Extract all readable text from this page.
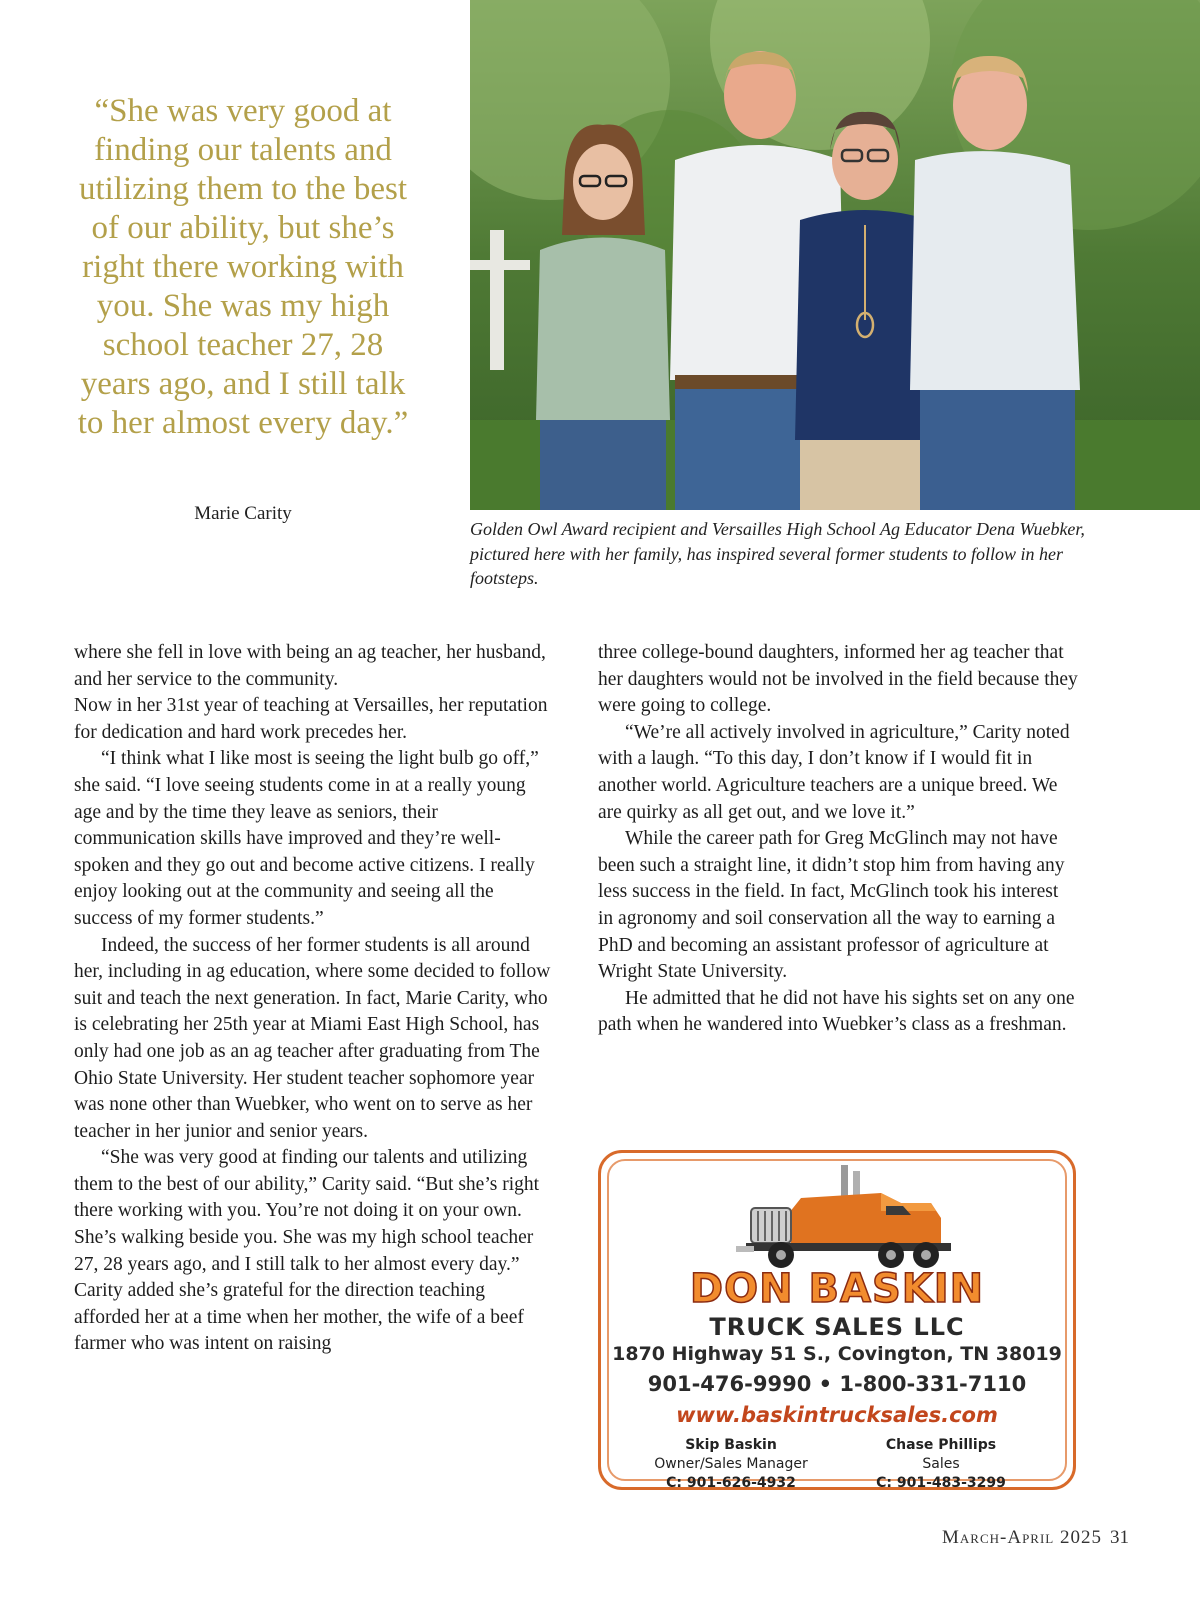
“She was very good at finding our talents and utilizing them to the best of our ability, but she’s right there working with you. She was my high school teacher 27, 28 years ago, and I still talk to her almost every day.”
Marie Carity
Golden Owl Award recipient and Versailles High School Ag Educator Dena Wuebker, pictured here with her family, has inspired several former students to follow in her footsteps.

where she fell in love with being an ag teacher, her husband, and her service to the community.

Now in her 31st year of teaching at Versailles, her reputation for dedication and hard work precedes her.

“I think what I like most is seeing the light bulb go off,” she said. “I love seeing students come in at a really young age and by the time they leave as seniors, their communication skills have improved and they’re well-spoken and they go out and become active citizens. I really enjoy looking out at the community and seeing all the success of my former students.”

Indeed, the success of her former students is all around her, including in ag education, where some decided to follow suit and teach the next generation. In fact, Marie Carity, who is celebrating her 25th year at Miami East High School, has only had one job as an ag teacher after graduating from The Ohio State University. Her student teacher sophomore year was none other than Wuebker, who went on to serve as her teacher in her junior and senior years.

“She was very good at finding our talents and utilizing them to the best of our ability,” Carity said. “But she’s right there working with you. You’re not doing it on your own. She’s walking beside you. She was my high school teacher 27, 28 years ago, and I still talk to her almost every day.” Carity added she’s grateful for the direction teaching afforded her at a time when her mother, the wife of a beef farmer who was intent on raising

three college-bound daughters, informed her ag teacher that her daughters would not be involved in the field because they were going to college.

“We’re all actively involved in agriculture,” Carity noted with a laugh. “To this day, I don’t know if I would fit in another world. Agriculture teachers are a unique breed. We are quirky as all get out, and we love it.”

While the career path for Greg McGlinch may not have been such a straight line, it didn’t stop him from having any less success in the field. In fact, McGlinch took his interest in agronomy and soil conservation all the way to earning a PhD and becoming an assistant professor of agriculture at Wright State University.

He admitted that he did not have his sights set on any one path when he wandered into Wuebker’s class as a freshman.

DON BASKIN
TRUCK SALES LLC
1870 Highway 51 S., Covington, TN 38019
901-476-9990 • 1-800-331-7110
www.baskintrucksales.com
Skip Baskin
Owner/Sales Manager
C: 901-626-4932
Chase Phillips
Sales
C: 901-483-3299
March-April 2025 31
